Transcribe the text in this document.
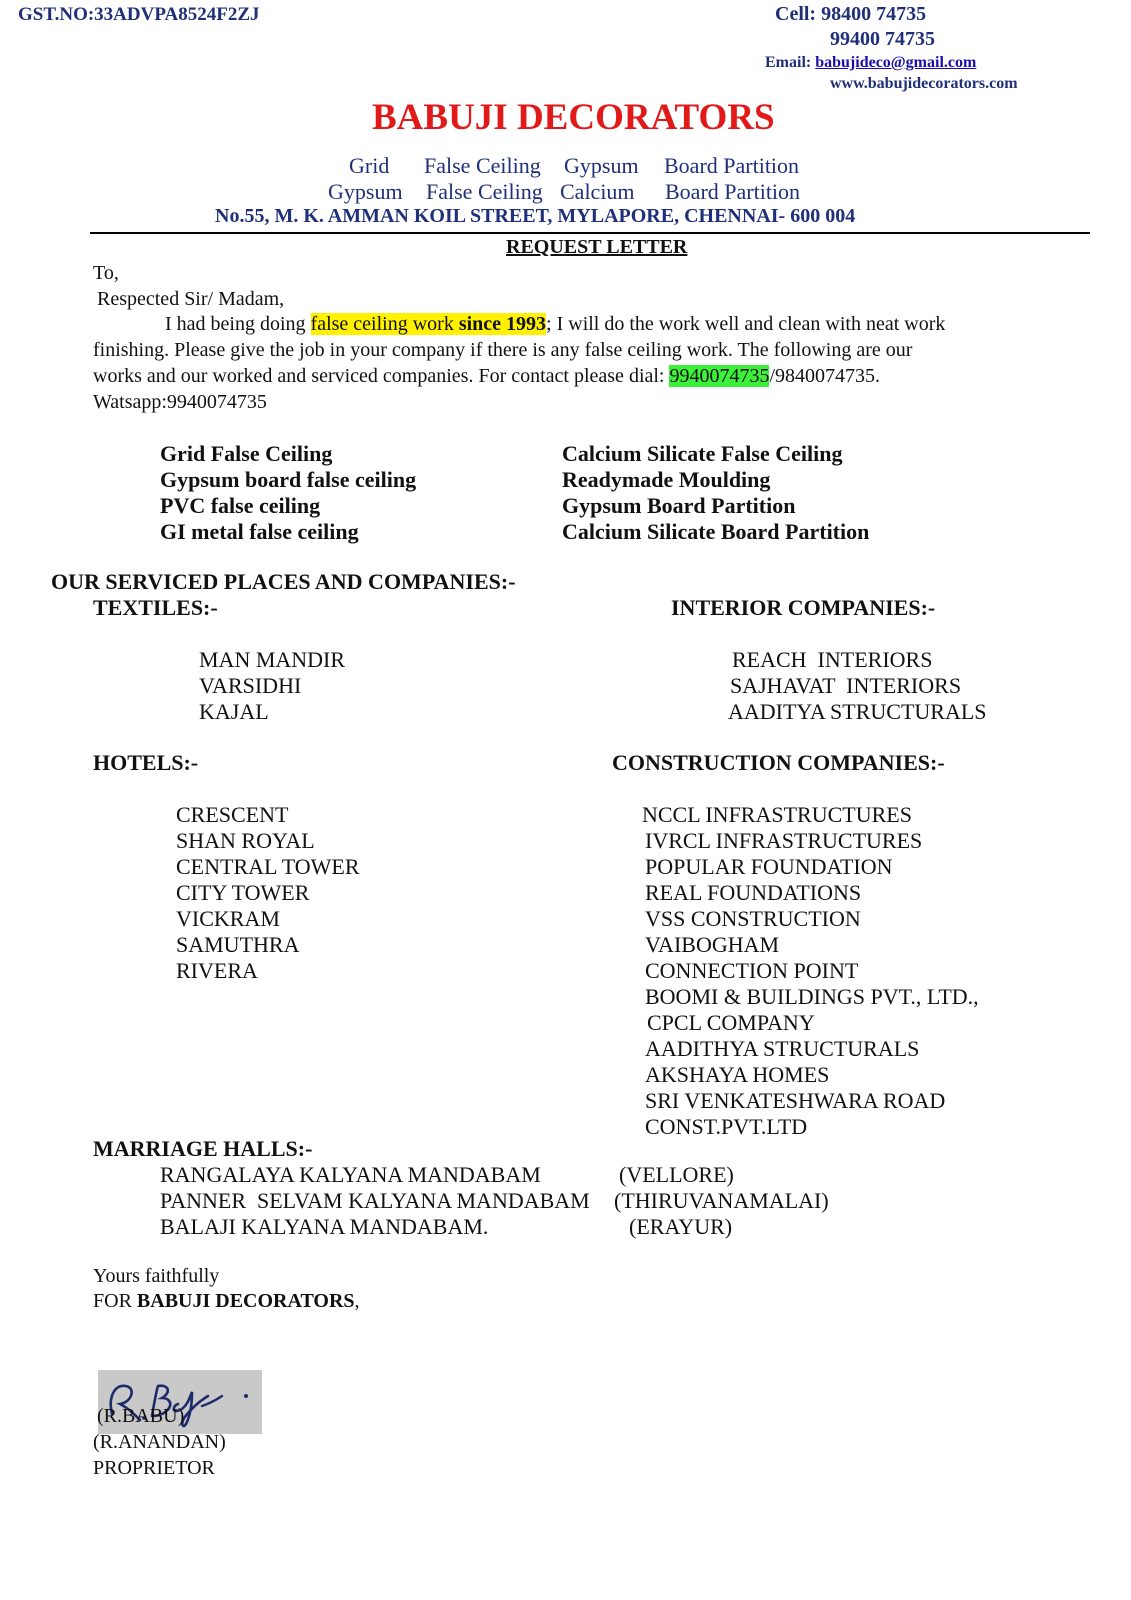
GST.NO:33ADVPA8524F2ZJ	Cell: 98400 74735
99400 74735
Email: babujideco@gmail.com
www.babujidecorators.com
BABUJI DECORATORS
Grid False Ceiling Gypsum Board Partition
Gypsum False Ceiling Calcium Board Partition
No.55, M. K. AMMAN KOIL STREET, MYLAPORE, CHENNAI- 600 004
REQUEST LETTER
To,
Respected Sir/ Madam,
I had being doing false ceiling work since 1993; I will do the work well and clean with neat work
finishing. Please give the job in your company if there is any false ceiling work. The following are our
works and our worked and serviced companies. For contact please dial: 9940074735/9840074735.
Watsapp:9940074735
Grid False Ceiling
Gypsum board false ceiling
PVC false ceiling
GI metal false ceiling
Calcium Silicate False Ceiling
Readymade Moulding
Gypsum Board Partition
Calcium Silicate Board Partition
OUR SERVICED PLACES AND COMPANIES:-
TEXTILES:-	INTERIOR COMPANIES:-
MAN MANDIR
VARSIDHI
KAJAL
REACH  INTERIORS
SAJHAVAT  INTERIORS
AADITYA STRUCTURALS
HOTELS:-	CONSTRUCTION COMPANIES:-
CRESCENT
SHAN ROYAL
CENTRAL TOWER
CITY TOWER
VICKRAM
SAMUTHRA
RIVERA
NCCL INFRASTRUCTURES
IVRCL INFRASTRUCTURES
POPULAR FOUNDATION
REAL FOUNDATIONS
VSS CONSTRUCTION
VAIBOGHAM
CONNECTION POINT
BOOMI & BUILDINGS PVT., LTD.,
CPCL COMPANY
AADITHYA STRUCTURALS
AKSHAYA HOMES
SRI VENKATESHWARA ROAD
CONST.PVT.LTD
MARRIAGE HALLS:-
RANGALAYA KALYANA MANDABAM	(VELLORE)
PANNER  SELVAM KALYANA MANDABAM (THIRUVANAMALAI)
BALAJI KALYANA MANDABAM.	(ERAYUR)
Yours faithfully
FOR BABUJI DECORATORS,
(R.BABU)
(R.ANANDAN)
PROPRIETOR
